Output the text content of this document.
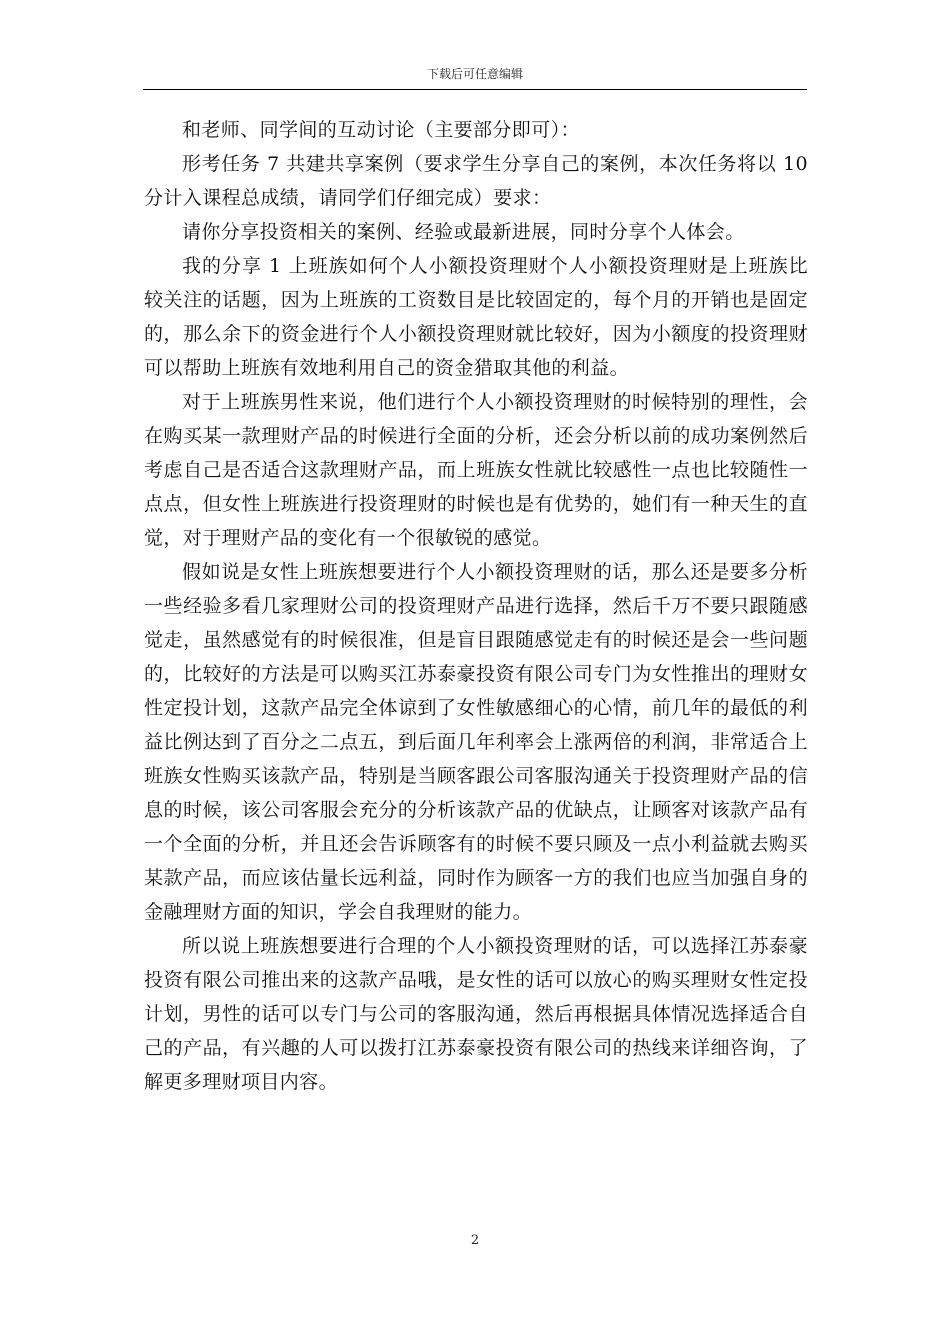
下载后可任意编辑

和老师、同学间的互动讨论（主要部分即可）：

形考任务 7 共建共享案例（要求学生分享自己的案例，本次任务将以 10 分计入课程总成绩，请同学们仔细完成）要求：

请你分享投资相关的案例、经验或最新进展，同时分享个人体会。

我的分享 1 上班族如何个人小额投资理财个人小额投资理财是上班族比较关注的话题，因为上班族的工资数目是比较固定的，每个月的开销也是固定的，那么余下的资金进行个人小额投资理财就比较好，因为小额度的投资理财可以帮助上班族有效地利用自己的资金猎取其他的利益。

对于上班族男性来说，他们进行个人小额投资理财的时候特别的理性，会在购买某一款理财产品的时候进行全面的分析，还会分析以前的成功案例然后考虑自己是否适合这款理财产品，而上班族女性就比较感性一点也比较随性一点点，但女性上班族进行投资理财的时候也是有优势的，她们有一种天生的直觉，对于理财产品的变化有一个很敏锐的感觉。

假如说是女性上班族想要进行个人小额投资理财的话，那么还是要多分析一些经验多看几家理财公司的投资理财产品进行选择，然后千万不要只跟随感觉走，虽然感觉有的时候很准，但是盲目跟随感觉走有的时候还是会一些问题的，比较好的方法是可以购买江苏泰豪投资有限公司专门为女性推出的理财女性定投计划，这款产品完全体谅到了女性敏感细心的心情，前几年的最低的利益比例达到了百分之二点五，到后面几年利率会上涨两倍的利润，非常适合上班族女性购买该款产品，特别是当顾客跟公司客服沟通关于投资理财产品的信息的时候，该公司客服会充分的分析该款产品的优缺点，让顾客对该款产品有一个全面的分析，并且还会告诉顾客有的时候不要只顾及一点小利益就去购买某款产品，而应该估量长远利益，同时作为顾客一方的我们也应当加强自身的金融理财方面的知识，学会自我理财的能力。

所以说上班族想要进行合理的个人小额投资理财的话，可以选择江苏泰豪投资有限公司推出来的这款产品哦，是女性的话可以放心的购买理财女性定投计划，男性的话可以专门与公司的客服沟通，然后再根据具体情况选择适合自己的产品，有兴趣的人可以拨打江苏泰豪投资有限公司的热线来详细咨询，了解更多理财项目内容。

2
